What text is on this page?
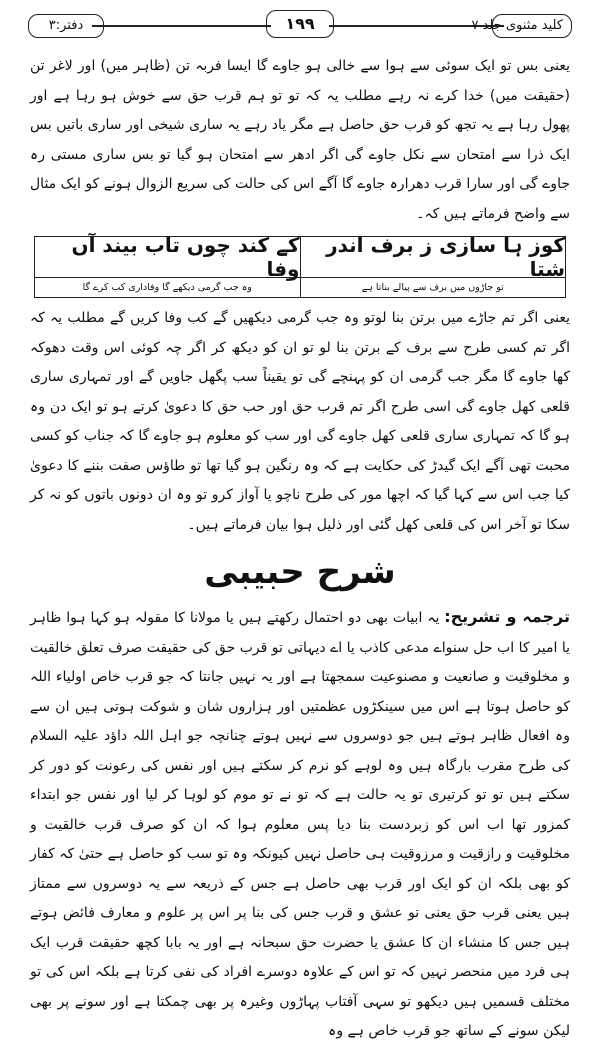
دفتر:۳	۱۹۹	کلید مثنوی جلد ۷

یعنی بس تو ایک سوئی سے ہوا سے خالی ہو جاوے گا ایسا فربہ تن (ظاہر میں) اور لاغر تن (حقیقت میں) خدا کرے نہ رہے مطلب یہ کہ تو تو ہم قرب حق سے خوش ہو رہا ہے اور پھول رہا ہے یہ تجھ کو قرب حق حاصل ہے مگر یاد رہے یہ ساری شیخی اور ساری باتیں بس ایک ذرا سے امتحان سے نکل جاوے گی اگر ادھر سے امتحان ہو گیا تو بس ساری مستی رہ جاوے گی اور سارا قرب دھرارہ جاوے گا آگے اس کی حالت کی سریع الزوال ہونے کو ایک مثال سے واضح فرماتے ہیں کہ۔

کوز ہا سازی ز برف اندر شتا
کے کند چوں تاب بیند آں وفا
تو جاڑوں میں برف سے پیالے بناتا ہے
وہ جب گرمی دیکھے گا وفاداری کب کرے گا

یعنی اگر تم جاڑے میں برتن بنا لوتو وہ جب گرمی دیکھیں گے کب وفا کریں گے مطلب یہ کہ اگر تم کسی طرح سے برف کے برتن بنا لو تو ان کو دیکھ کر اگر چہ کوئی اس وقت دھوکہ کھا جاوے گا مگر جب گرمی ان کو پہنچے گی تو یقیناً سب پگھل جاویں گے اور تمہاری ساری قلعی کھل جاوے گی اسی طرح اگر تم قرب حق اور حب حق کا دعویٰ کرتے ہو تو ایک دن وہ ہو گا کہ تمہاری ساری قلعی کھل جاوے گی اور سب کو معلوم ہو جاوے گا کہ جناب کو کسی محبت تھی آگے ایک گیدڑ کی حکایت ہے کہ وہ رنگین ہو گیا تھا تو طاؤس صفت بننے کا دعویٰ کیا جب اس سے کہا گیا کہ اچھا مور کی طرح ناچو یا آواز کرو تو وہ ان دونوں باتوں کو نہ کر سکا تو آخر اس کی قلعی کھل گئی اور ذلیل ہوا بیان فرماتے ہیں۔

شرح حبیبی

ترجمہ و تشریح: یہ ابیات بھی دو احتمال رکھتے ہیں یا مولانا کا مقولہ ہو کہا ہوا ظاہر یا امیر کا اب حل سنواے مدعی کاذب یا اے دیہاتی تو قرب حق کی حقیقت صرف تعلق خالقیت و مخلوقیت و صانعیت و مصنوعیت سمجھتا ہے اور یہ نہیں جانتا کہ جو قرب خاص اولیاء اللہ کو حاصل ہوتا ہے اس میں سینکڑوں عظمتیں اور ہزاروں شان و شوکت ہوتی ہیں ان سے وہ افعال ظاہر ہوتے ہیں جو دوسروں سے نہیں ہوتے چنانچہ جو اہل اللہ داؤد علیہ السلام کی طرح مقرب بارگاہ ہیں وہ لوہے کو نرم کر سکتے ہیں اور نفس کی رعونت کو دور کر سکتے ہیں تو تو کرتیری تو یہ حالت ہے کہ تو نے تو موم کو لوہا کر لیا اور نفس جو ابتداء کمزور تھا اب اس کو زبردست بنا دیا پس معلوم ہوا کہ ان کو صرف قرب خالقیت و مخلوقیت و رازقیت و مرزوقیت ہی حاصل نہیں کیونکہ وہ تو سب کو حاصل ہے حتیٰ کہ کفار کو بھی بلکہ ان کو ایک اور قرب بھی حاصل ہے جس کے ذریعہ سے یہ دوسروں سے ممتاز ہیں یعنی قرب حق یعنی تو عشق و قرب جس کی بنا پر اس پر علوم و معارف فائض ہوتے ہیں جس کا منشاء ان کا عشق یا حضرت حق سبحانہ ہے اور یہ بابا کچھ حقیقت قرب ایک ہی فرد میں منحصر نہیں کہ تو اس کے علاوہ دوسرے افراد کی نفی کرتا ہے بلکہ اس کی تو مختلف قسمیں ہیں دیکھو تو سہی آفتاب پہاڑوں وغیرہ پر بھی چمکتا ہے اور سونے پر بھی لیکن سونے کے ساتھ جو قرب خاص ہے وہ
